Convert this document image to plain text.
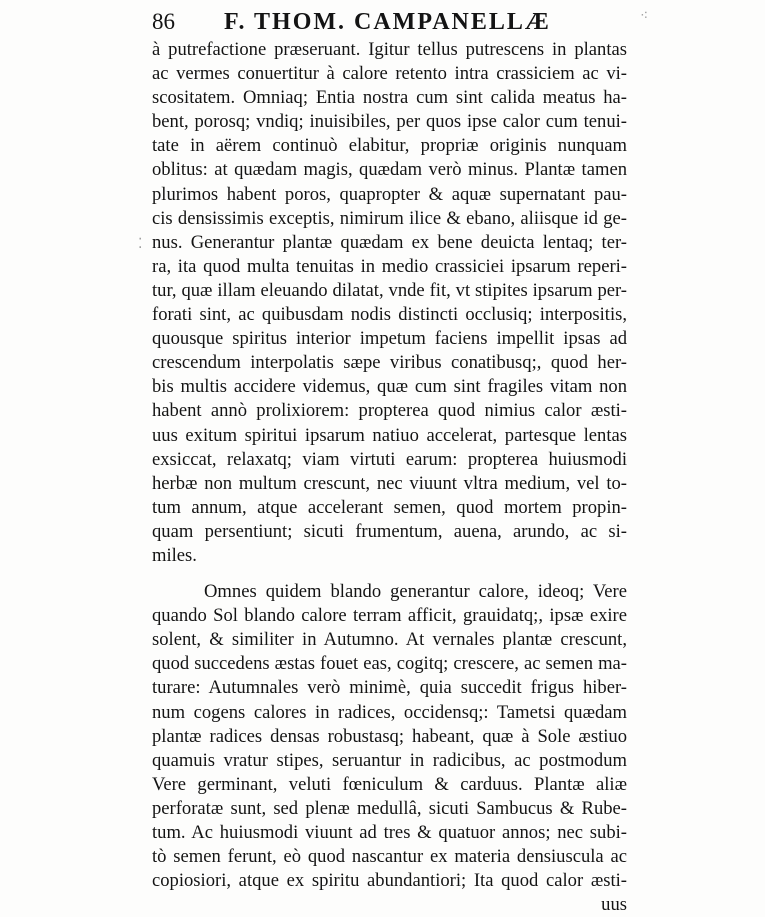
86 F. THOM. CAMPANELLÆ	⁖
⁚
à putrefactione præseruant. Igitur tellus putrescens in plantas
ac vermes conuertitur à calore retento intra crassiciem ac vi-
scositatem. Omniaq; Entia nostra cum sint calida meatus ha-
bent, porosq; vndiq; inuisibiles, per quos ipse calor cum tenui-
tate in aërem continuò elabitur, propriæ originis nunquam
oblitus: at quædam magis, quædam verò minus. Plantæ tamen
plurimos habent poros, quapropter & aquæ supernatant pau-
cis densissimis exceptis, nimirum ilice & ebano, aliisque id ge-
nus. Generantur plantæ quædam ex bene deuicta lentaq; ter-
ra, ita quod multa tenuitas in medio crassiciei ipsarum reperi-
tur, quæ illam eleuando dilatat, vnde fit, vt stipites ipsarum per-
forati sint, ac quibusdam nodis distincti occlusiq; interpositis,
quousque spiritus interior impetum faciens impellit ipsas ad
crescendum interpolatis sæpe viribus conatibusq;, quod her-
bis multis accidere videmus, quæ cum sint fragiles vitam non
habent annò prolixiorem: propterea quod nimius calor æsti-
uus exitum spiritui ipsarum natiuo accelerat, partesque lentas
exsiccat, relaxatq; viam virtuti earum: propterea huiusmodi
herbæ non multum crescunt, nec viuunt vltra medium, vel to-
tum annum, atque accelerant semen, quod mortem propin-
quam persentiunt; sicuti frumentum, auena, arundo, ac si-
miles.
Omnes quidem blando generantur calore, ideoq; Vere
quando Sol blando calore terram afficit, grauidatq;, ipsæ exire
solent, & similiter in Autumno. At vernales plantæ crescunt,
quod succedens æstas fouet eas, cogitq; crescere, ac semen ma-
turare: Autumnales verò minimè, quia succedit frigus hiber-
num cogens calores in radices, occidensq;: Tametsi quædam
plantæ radices densas robustasq; habeant, quæ à Sole æstiuo
quamuis vratur stipes, seruantur in radicibus, ac postmodum
Vere germinant, veluti fœniculum & carduus. Plantæ aliæ
perforatæ sunt, sed plenæ medullâ, sicuti Sambucus & Rube-
tum. Ac huiusmodi viuunt ad tres & quatuor annos; nec subi-
tò semen ferunt, eò quod nascantur ex materia densiuscula ac
copiosiori, atque ex spiritu abundantiori; Ita quod calor æsti-
uus
